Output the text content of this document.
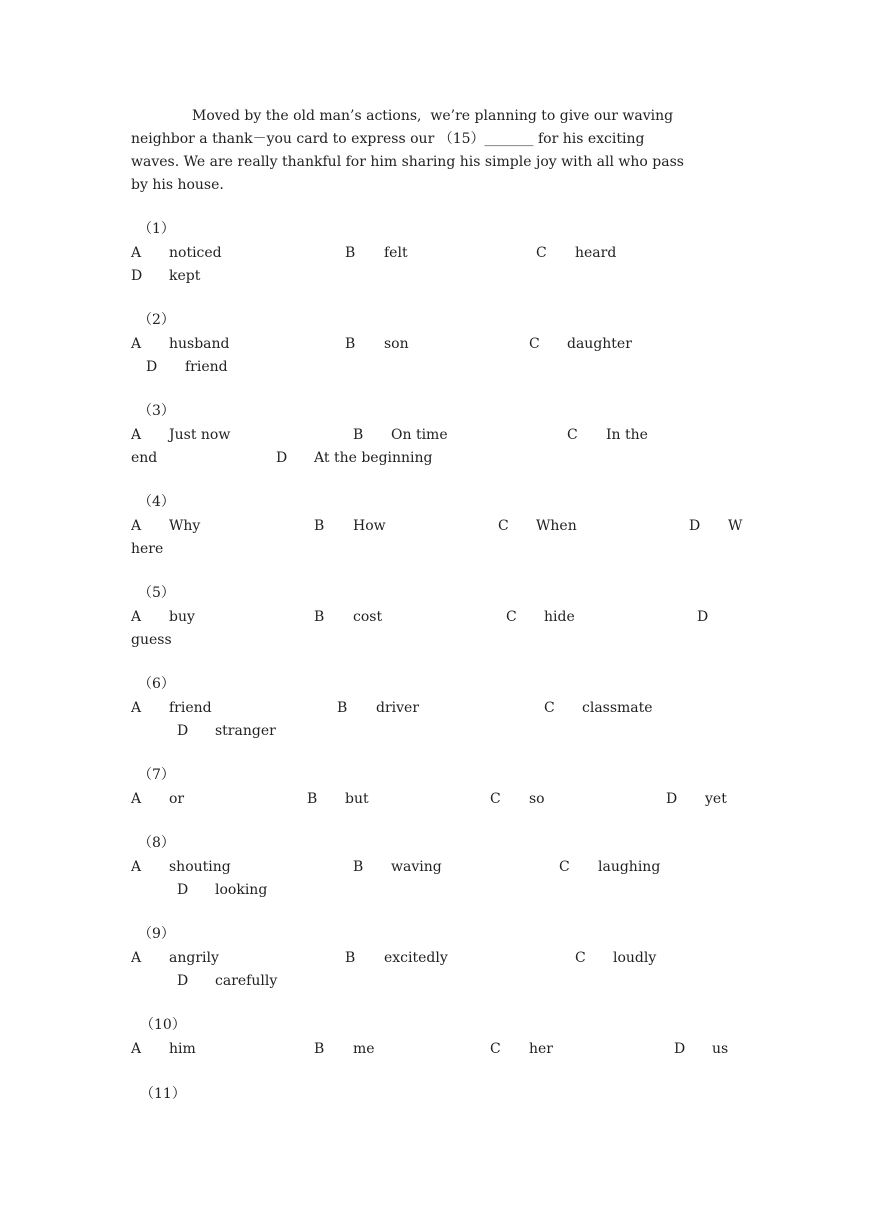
Moved by the old man’s actions,  we’re planning to give our waving
neighbor a thank－you card to express our （15）_______ for his exciting
waves. We are really thankful for him sharing his simple joy with all who pass
by his house.
（1）
A noticed	B felt	C heard
D kept
（2）
A husband	B son	C daughter
D friend
（3）
A Just now	B On time	C In the
end	D At the beginning
（4）
A Why	B How	C When	D W
here
（5）
A buy	B cost	C hide	D
guess
（6）
A friend	B driver	C classmate
D stranger
（7）
A or	B but	C so	D yet
（8）
A shouting	B waving	C laughing
D looking
（9）
A angrily	B excitedly	C loudly
D carefully
（10）
A him	B me	C her	D us
（11）
